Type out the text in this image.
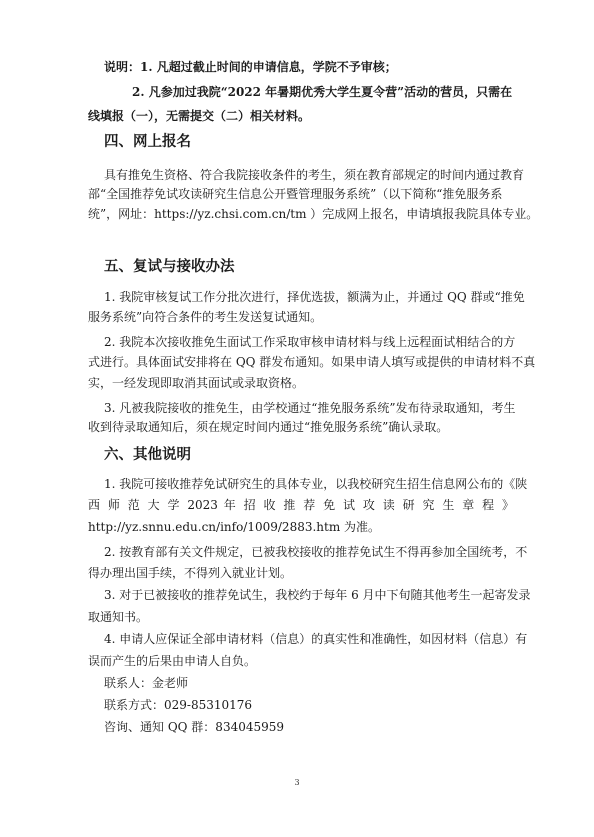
说明：1. 凡超过截止时间的申请信息，学院不予审核；
2. 凡参加过我院“2022 年暑期优秀大学生夏令营”活动的营员，只需在
线填报（一），无需提交（二）相关材料。
四、网上报名
具有推免生资格、符合我院接收条件的考生，须在教育部规定的时间内通过教育
部“全国推荐免试攻读研究生信息公开暨管理服务系统”（以下简称“推免服务系
统”，网址：https://yz.chsi.com.cn/tm ）完成网上报名，申请填报我院具体专业。
五、复试与接收办法
1. 我院审核复试工作分批次进行，择优选拔，额满为止，并通过 QQ 群或“推免
服务系统”向符合条件的考生发送复试通知。
2. 我院本次接收推免生面试工作采取审核申请材料与线上远程面试相结合的方
式进行。具体面试安排将在 QQ 群发布通知。如果申请人填写或提供的申请材料不真
实，一经发现即取消其面试或录取资格。
3. 凡被我院接收的推免生，由学校通过“推免服务系统”发布待录取通知，考生
收到待录取通知后，须在规定时间内通过“推免服务系统”确认录取。
六、其他说明
1. 我院可接收推荐免试研究生的具体专业，以我校研究生招生信息网公布的《陕
西 师 范 大 学 2023 年 招 收 推 荐 免 试 攻 读 研 究 生 章 程 》
http://yz.snnu.edu.cn/info/1009/2883.htm 为准。
2. 按教育部有关文件规定，已被我校接收的推荐免试生不得再参加全国统考，不
得办理出国手续，不得列入就业计划。
3. 对于已被接收的推荐免试生，我校约于每年 6 月中下旬随其他考生一起寄发录
取通知书。
4. 申请人应保证全部申请材料（信息）的真实性和准确性，如因材料（信息）有
误而产生的后果由申请人自负。
联系人：金老师
联系方式：029-85310176
咨询、通知 QQ 群：834045959
3
